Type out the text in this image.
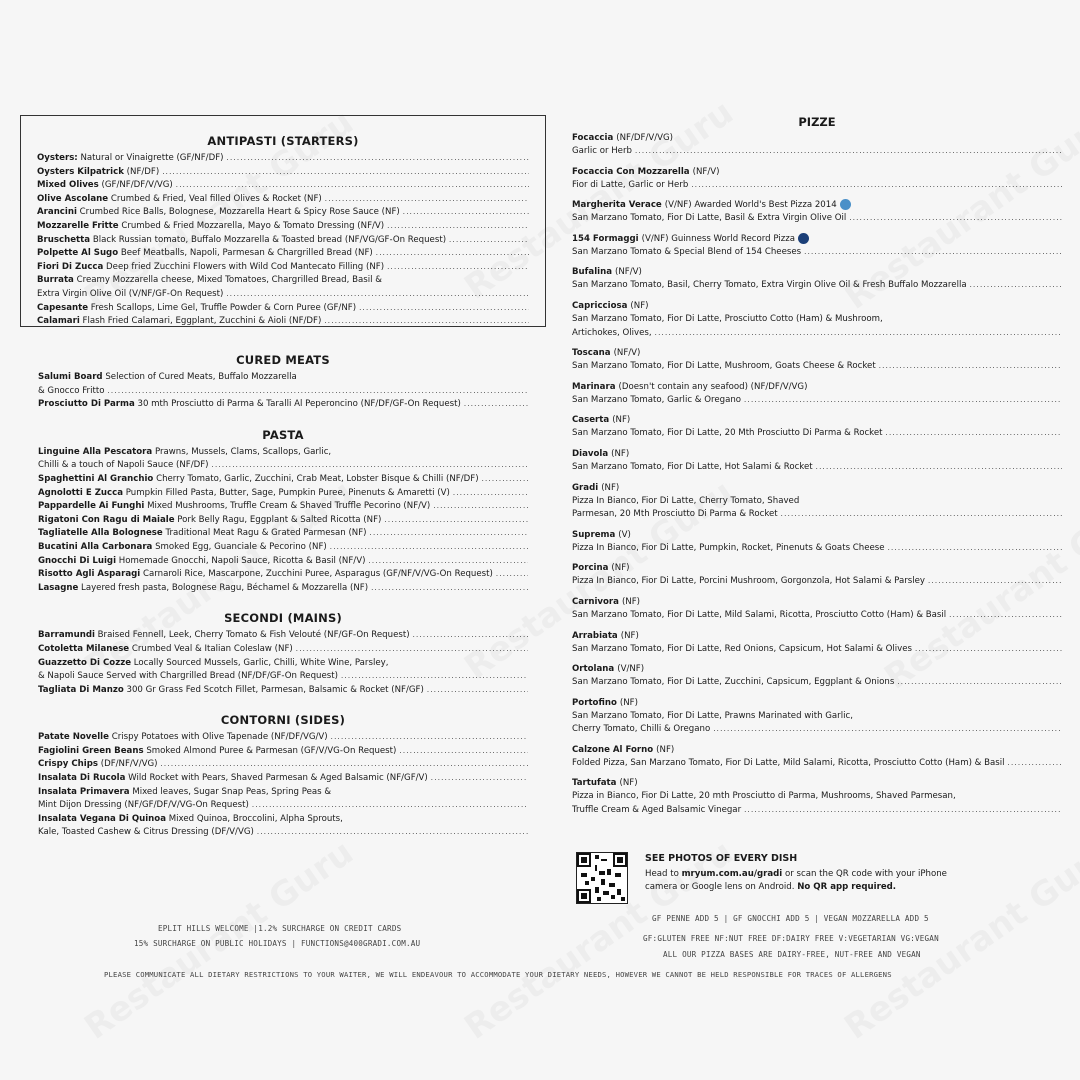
ANTIPASTI (STARTERS)
Oysters: Natural or Vinaigrette (GF/NF/DF)
. . .
Oysters Kilpatrick (NF/DF)
. . .
Mixed Olives (GF/NF/DF/V/VG)
. . .
Olive Ascolane Crumbed & Fried, Veal filled Olives & Rocket (NF)
. . .
Arancini Crumbed Rice Balls, Bolognese, Mozzarella Heart & Spicy Rose Sauce (NF)
. . .
Mozzarelle Fritte Crumbed & Fried Mozzarella, Mayo & Tomato Dressing (NF/V)
. . .
Bruschetta Black Russian tomato, Buffalo Mozzarella & Toasted bread (NF/VG/GF-On Request)
. . .
Polpette Al Sugo Beef Meatballs, Napoli, Parmesan & Chargrilled Bread (NF)
. . .
Fiori Di Zucca Deep fried Zucchini Flowers with Wild Cod Mantecato Filling (NF)
. . .
Burrata Creamy Mozzarella cheese, Mixed Tomatoes, Chargrilled Bread, Basil &
Extra Virgin Olive Oil (V/NF/GF-On Request)
. . .
Capesante Fresh Scallops, Lime Gel, Truffle Powder & Corn Puree (GF/NF)
. . .
Calamari Flash Fried Calamari, Eggplant, Zucchini & Aioli (NF/DF)
. . .
CURED MEATS
Salumi Board Selection of Cured Meats, Buffalo Mozzarella
& Gnocco Fritto
. . .
Prosciutto Di Parma 30 mth Prosciutto di Parma & Taralli Al Peperoncino (NF/DF/GF-On Request)
. . .
PASTA
Linguine Alla Pescatora Prawns, Mussels, Clams, Scallops, Garlic,
Chilli & a touch of Napoli Sauce (NF/DF)
. . .
Spaghettini Al Granchio Cherry Tomato, Garlic, Zucchini, Crab Meat, Lobster Bisque & Chilli (NF/DF)
. . .
Agnolotti E Zucca Pumpkin Filled Pasta, Butter, Sage, Pumpkin Puree, Pinenuts & Amaretti (V)
. . .
Pappardelle Ai Funghi Mixed Mushrooms, Truffle Cream & Shaved Truffle Pecorino (NF/V)
. . .
Rigatoni Con Ragu di Maiale Pork Belly Ragu, Eggplant & Salted Ricotta (NF)
. . .
Tagliatelle Alla Bolognese Traditional Meat Ragu & Grated Parmesan (NF)
. . .
Bucatini Alla Carbonara Smoked Egg, Guanciale & Pecorino (NF)
. . .
Gnocchi Di Luigi Homemade Gnocchi, Napoli Sauce, Ricotta & Basil (NF/V)
. . .
Risotto Agli Asparagi Carnaroli Rice, Mascarpone, Zucchini Puree, Asparagus (GF/NF/V/VG-On Request)
. . .
Lasagne Layered fresh pasta, Bolognese Ragu, Béchamel & Mozzarella (NF)
. . .
SECONDI (MAINS)
Barramundi Braised Fennell, Leek, Cherry Tomato & Fish Velouté (NF/GF-On Request)
. . .
Cotoletta Milanese Crumbed Veal & Italian Coleslaw (NF)
. . .
Guazzetto Di Cozze Locally Sourced Mussels, Garlic, Chilli, White Wine, Parsley,
& Napoli Sauce Served with Chargrilled Bread (NF/DF/GF-On Request)
. . .
Tagliata Di Manzo 300 Gr Grass Fed Scotch Fillet, Parmesan, Balsamic & Rocket (NF/GF)
. . .
CONTORNI (SIDES)
Patate Novelle Crispy Potatoes with Olive Tapenade (NF/DF/VG/V)
. . .
Fagiolini Green Beans Smoked Almond Puree & Parmesan (GF/V/VG-On Request)
. . .
Crispy Chips (DF/NF/V/VG)
. . .
Insalata Di Rucola Wild Rocket with Pears, Shaved Parmesan & Aged Balsamic (NF/GF/V)
. . .
Insalata Primavera Mixed leaves, Sugar Snap Peas, Spring Peas &
Mint Dijon Dressing (NF/GF/DF/V/VG-On Request)
. . .
Insalata Vegana Di Quinoa Mixed Quinoa, Broccolini, Alpha Sprouts,
Kale, Toasted Cashew & Citrus Dressing (DF/V/VG)
. . .
PIZZE
Focaccia (NF/DF/V/VG)
Garlic or Herb
. . .
Focaccia Con Mozzarella (NF/V)
Fior di Latte, Garlic or Herb
. . .
Margherita Verace (V/NF) Awarded World's Best Pizza 2014
San Marzano Tomato, Fior Di Latte, Basil & Extra Virgin Olive Oil
. . .
154 Formaggi (V/NF) Guinness World Record Pizza
San Marzano Tomato & Special Blend of 154 Cheeses
. . .
Bufalina (NF/V)
San Marzano Tomato, Basil, Cherry Tomato, Extra Virgin Olive Oil & Fresh Buffalo Mozzarella
. . .
Capricciosa (NF)
San Marzano Tomato, Fior Di Latte, Prosciutto Cotto (Ham) & Mushroom,
Artichokes, Olives,
. . .
Toscana (NF/V)
San Marzano Tomato, Fior Di Latte, Mushroom, Goats Cheese & Rocket
. . .
Marinara (Doesn't contain any seafood) (NF/DF/V/VG)
San Marzano Tomato, Garlic & Oregano
. . .
Caserta (NF)
San Marzano Tomato, Fior Di Latte, 20 Mth Prosciutto Di Parma & Rocket
. . .
Diavola (NF)
San Marzano Tomato, Fior Di Latte, Hot Salami & Rocket
. . .
Gradi (NF)
Pizza In Bianco, Fior Di Latte, Cherry Tomato, Shaved
Parmesan, 20 Mth Prosciutto Di Parma & Rocket
. . .
Suprema (V)
Pizza In Bianco, Fior Di Latte, Pumpkin, Rocket, Pinenuts & Goats Cheese
. . .
Porcina (NF)
Pizza In Bianco, Fior Di Latte, Porcini Mushroom, Gorgonzola, Hot Salami & Parsley
. . .
Carnivora (NF)
San Marzano Tomato, Fior Di Latte, Mild Salami, Ricotta, Prosciutto Cotto (Ham) & Basil
. . .
Arrabiata (NF)
San Marzano Tomato, Fior Di Latte, Red Onions, Capsicum, Hot Salami & Olives
. . .
Ortolana (V/NF)
San Marzano Tomato, Fior Di Latte, Zucchini, Capsicum, Eggplant & Onions
. . .
Portofino (NF)
San Marzano Tomato, Fior Di Latte, Prawns Marinated with Garlic,
Cherry Tomato, Chilli & Oregano
. . .
Calzone Al Forno (NF)
Folded Pizza, San Marzano Tomato, Fior Di Latte, Mild Salami, Ricotta, Prosciutto Cotto (Ham) & Basil
. . .
Tartufata (NF)
Pizza in Bianco, Fior Di Latte, 20 mth Prosciutto di Parma, Mushrooms, Shaved Parmesan,
Truffle Cream & Aged Balsamic Vinegar
. . .
SEE PHOTOS OF EVERY DISH
Head to mryum.com.au/gradi or scan the QR code with your iPhone
camera or Google lens on Android. No QR app required.
EPLIT HILLS WELCOME |1.2% SURCHARGE ON CREDIT CARDS
15% SURCHARGE ON PUBLIC HOLIDAYS | FUNCTIONS@400GRADI.COM.AU
GF PENNE ADD 5 | GF GNOCCHI ADD 5 | VEGAN MOZZARELLA ADD 5
GF:GLUTEN FREE NF:NUT FREE DF:DAIRY FREE V:VEGETARIAN VG:VEGAN
ALL OUR PIZZA BASES ARE DAIRY-FREE, NUT-FREE AND VEGAN
PLEASE COMMUNICATE ALL DIETARY RESTRICTIONS TO YOUR WAITER, WE WILL ENDEAVOUR TO ACCOMMODATE YOUR DIETARY NEEDS, HOWEVER WE CANNOT BE HELD RESPONSIBLE FOR TRACES OF ALLERGENS
